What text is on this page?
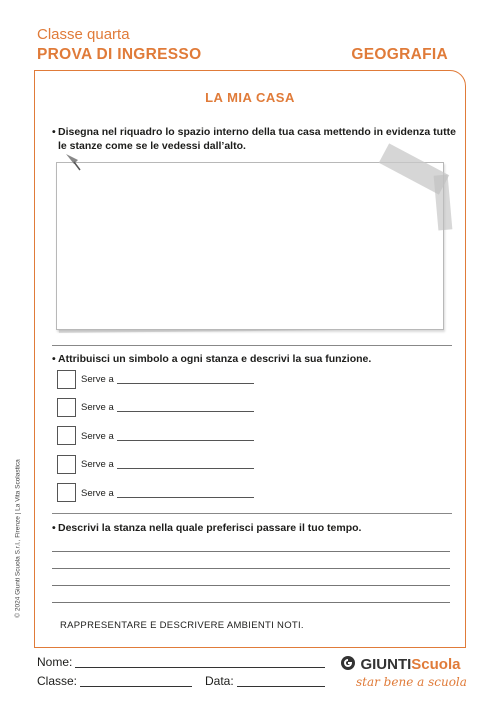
Classe quarta
PROVA DI INGRESSO	GEOGRAFIA
LA MIA CASA
• Disegna nel riquadro lo spazio interno della tua casa mettendo in evidenza tutte
le stanze come se le vedessi dall’alto.
• Attribuisci un simbolo a ogni stanza e descrivi la sua funzione.
Serve a
Serve a
Serve a
Serve a
Serve a
• Descrivi la stanza nella quale preferisci passare il tuo tempo.
RAPPRESENTARE E DESCRIVERE AMBIENTI NOTI.
© 2024 Giunti Scuola S.r.l., Firenze | La Vita Scolastica
Nome:
Classe:	Data:
GIUNTIScuola
star bene a scuola
